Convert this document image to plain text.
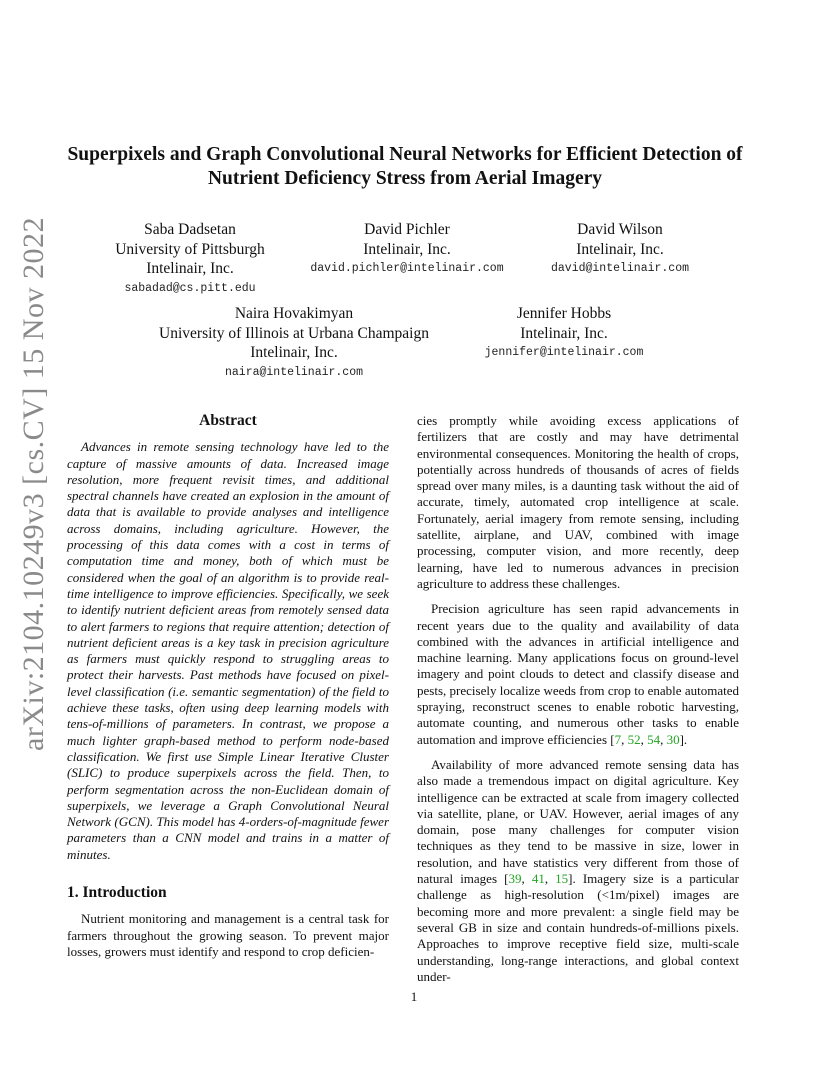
arXiv:2104.10249v3 [cs.CV] 15 Nov 2022
Superpixels and Graph Convolutional Neural Networks for Efficient Detection of
Nutrient Deficiency Stress from Aerial Imagery
Saba Dadsetan
University of Pittsburgh
Intelinair, Inc.
sabadad@cs.pitt.edu
David Pichler
Intelinair, Inc.
david.pichler@intelinair.com
David Wilson
Intelinair, Inc.
david@intelinair.com
Naira Hovakimyan
University of Illinois at Urbana Champaign
Intelinair, Inc.
naira@intelinair.com
Jennifer Hobbs
Intelinair, Inc.
jennifer@intelinair.com
Abstract

Advances in remote sensing technology have led to the capture of massive amounts of data. Increased image resolution, more frequent revisit times, and additional spectral channels have created an explosion in the amount of data that is available to provide analyses and intelligence across domains, including agriculture. However, the processing of this data comes with a cost in terms of computation time and money, both of which must be considered when the goal of an algorithm is to provide real-time intelligence to improve efficiencies. Specifically, we seek to identify nutrient deficient areas from remotely sensed data to alert farmers to regions that require attention; detection of nutrient deficient areas is a key task in precision agriculture as farmers must quickly respond to struggling areas to protect their harvests. Past methods have focused on pixel-level classification (i.e. semantic segmentation) of the field to achieve these tasks, often using deep learning models with tens-of-millions of parameters. In contrast, we propose a much lighter graph-based method to perform node-based classification. We first use Simple Linear Iterative Cluster (SLIC) to produce superpixels across the field. Then, to perform segmentation across the non-Euclidean domain of superpixels, we leverage a Graph Convolutional Neural Network (GCN). This model has 4-orders-of-magnitude fewer parameters than a CNN model and trains in a matter of minutes.

1. Introduction

Nutrient monitoring and management is a central task for farmers throughout the growing season. To prevent major losses, growers must identify and respond to crop deficien-

cies promptly while avoiding excess applications of fertilizers that are costly and may have detrimental environmental consequences. Monitoring the health of crops, potentially across hundreds of thousands of acres of fields spread over many miles, is a daunting task without the aid of accurate, timely, automated crop intelligence at scale. Fortunately, aerial imagery from remote sensing, including satellite, airplane, and UAV, combined with image processing, computer vision, and more recently, deep learning, have led to numerous advances in precision agriculture to address these challenges.

Precision agriculture has seen rapid advancements in recent years due to the quality and availability of data combined with the advances in artificial intelligence and machine learning. Many applications focus on ground-level imagery and point clouds to detect and classify disease and pests, precisely localize weeds from crop to enable automated spraying, reconstruct scenes to enable robotic harvesting, automate counting, and numerous other tasks to enable automation and improve efficiencies [7, 52, 54, 30].

Availability of more advanced remote sensing data has also made a tremendous impact on digital agriculture. Key intelligence can be extracted at scale from imagery collected via satellite, plane, or UAV. However, aerial images of any domain, pose many challenges for computer vision techniques as they tend to be massive in size, lower in resolution, and have statistics very different from those of natural images [39, 41, 15]. Imagery size is a particular challenge as high-resolution (<1m/pixel) images are becoming more and more prevalent: a single field may be several GB in size and contain hundreds-of-millions pixels. Approaches to improve receptive field size, multi-scale understanding, long-range interactions, and global context under-

1
